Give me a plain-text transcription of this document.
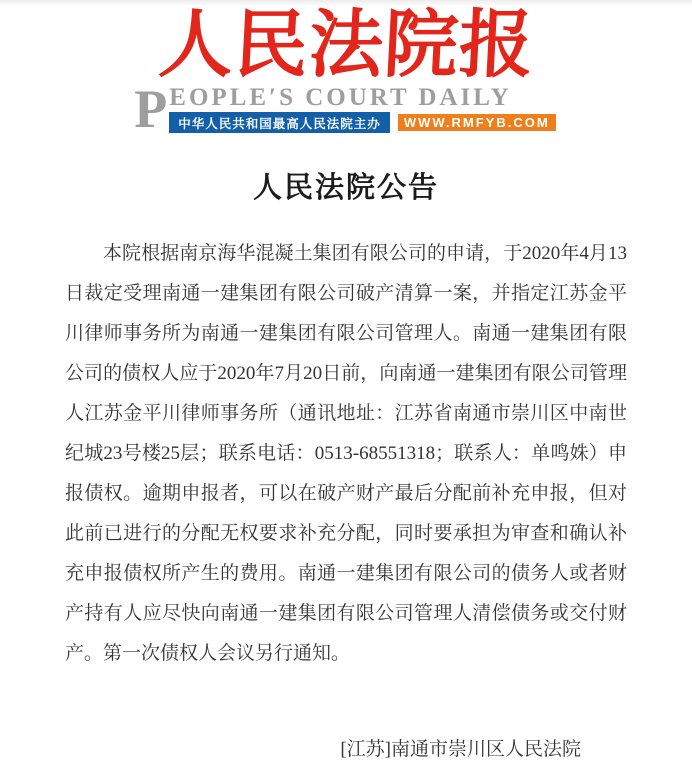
人民法院报
P EOPLE′S COURT DAILY
中华人民共和国最高人民法院主办	WWW.RMFYB.COM
人民法院公告

本院根据南京海华混凝土集团有限公司的申请，于2020年4月13日裁定受理南通一建集团有限公司破产清算一案，并指定江苏金平川律师事务所为南通一建集团有限公司管理人。南通一建集团有限公司的债权人应于2020年7月20日前，向南通一建集团有限公司管理人江苏金平川律师事务所（通讯地址：江苏省南通市崇川区中南世纪城23号楼25层；联系电话：0513-68551318；联系人：单鸣姝）申报债权。逾期申报者，可以在破产财产最后分配前补充申报，但对此前已进行的分配无权要求补充分配，同时要承担为审查和确认补充申报债权所产生的费用。南通一建集团有限公司的债务人或者财产持有人应尽快向南通一建集团有限公司管理人清偿债务或交付财产。第一次债权人会议另行通知。

[江苏]南通市崇川区人民法院
